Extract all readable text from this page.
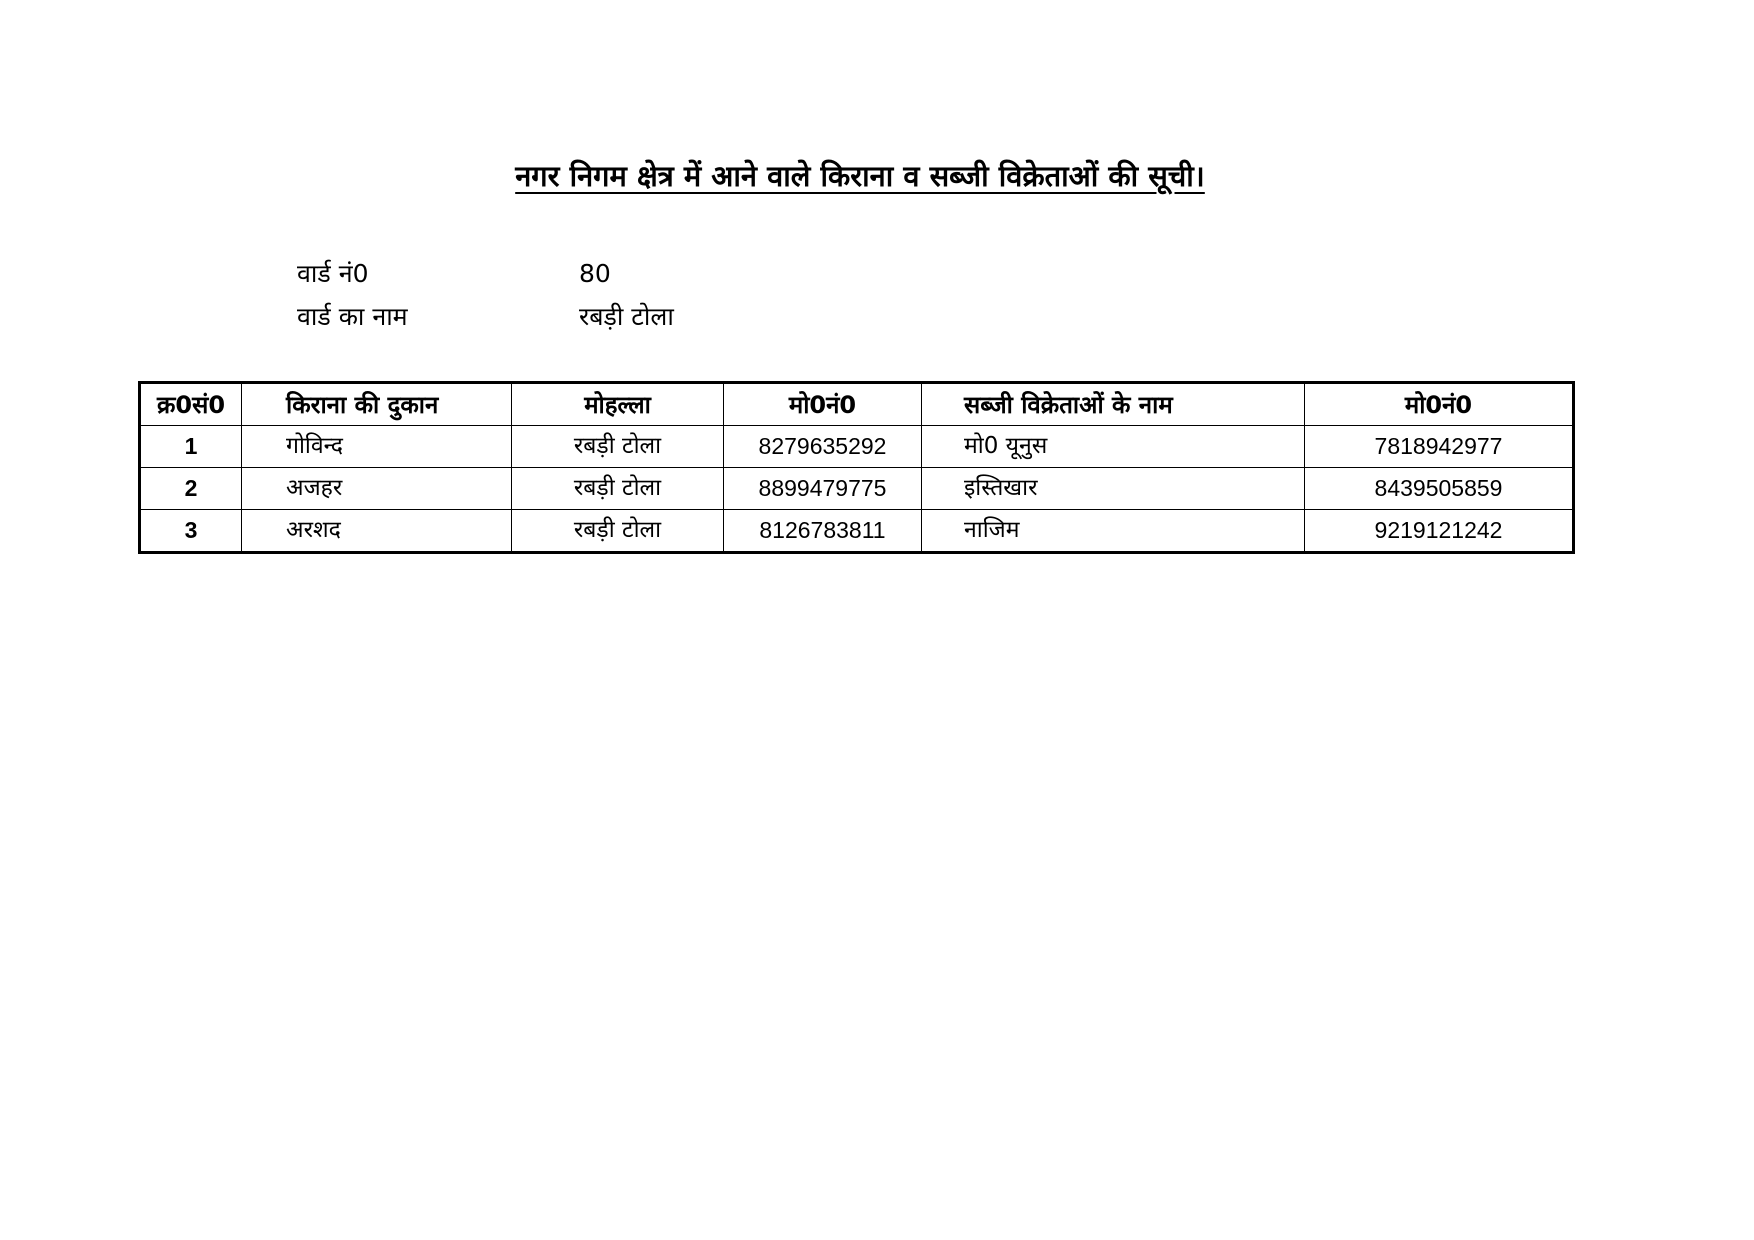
नगर निगम क्षेत्र में आने वाले किराना व सब्जी विक्रेताओं की सूची।
वार्ड नं0	80
वार्ड का नाम	रबड़ी टोला
क्र0सं0	किराना की दुकान	मोहल्ला	मो0नं0	सब्जी विक्रेताओं के नाम	मो0नं0
1	गोविन्द	रबड़ी टोला	8279635292	मो0 यूनुस	7818942977
2	अजहर	रबड़ी टोला	8899479775	इस्तिखार	8439505859
3	अरशद	रबड़ी टोला	8126783811	नाजिम	9219121242
